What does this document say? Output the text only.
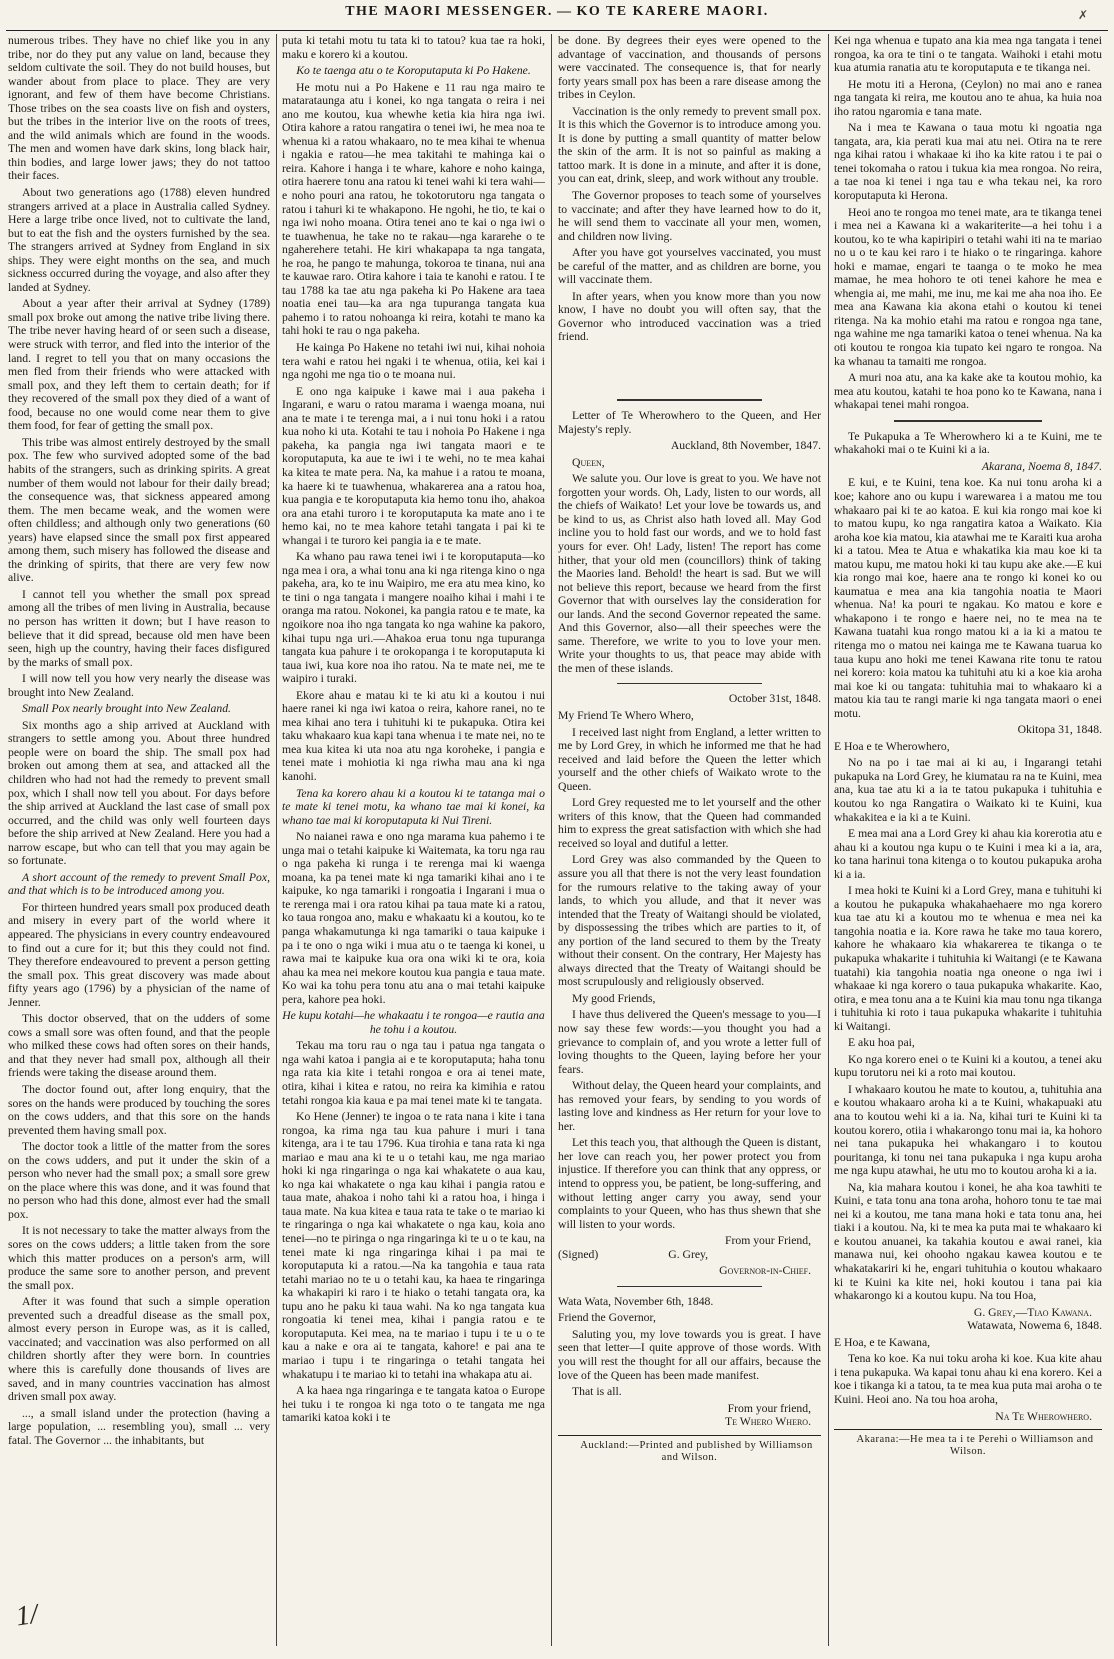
THE MAORI MESSENGER. — KO TE KARERE MAORI.	✗

numerous tribes. They have no chief like you in any tribe, nor do they put any value on land, because they seldom cultivate the soil. They do not build houses, but wander about from place to place. They are very ignorant, and few of them have become Christians. Those tribes on the sea coasts live on fish and oysters, but the tribes in the interior live on the roots of trees, and the wild animals which are found in the woods. The men and women have dark skins, long black hair, thin bodies, and large lower jaws; they do not tattoo their faces.

About two generations ago (1788) eleven hundred strangers arrived at a place in Australia called Sydney. Here a large tribe once lived, not to cultivate the land, but to eat the fish and the oysters furnished by the sea. The strangers arrived at Sydney from England in six ships. They were eight months on the sea, and much sickness occurred during the voyage, and also after they landed at Sydney.

About a year after their arrival at Sydney (1789) small pox broke out among the native tribe living there. The tribe never having heard of or seen such a disease, were struck with terror, and fled into the interior of the land. I regret to tell you that on many occasions the men fled from their friends who were attacked with small pox, and they left them to certain death; for if they recovered of the small pox they died of a want of food, because no one would come near them to give them food, for fear of getting the small pox.

This tribe was almost entirely destroyed by the small pox. The few who survived adopted some of the bad habits of the strangers, such as drinking spirits. A great number of them would not labour for their daily bread; the consequence was, that sickness appeared among them. The men became weak, and the women were often childless; and although only two generations (60 years) have elapsed since the small pox first appeared among them, such misery has followed the disease and the drinking of spirits, that there are very few now alive.

I cannot tell you whether the small pox spread among all the tribes of men living in Australia, because no person has written it down; but I have reason to believe that it did spread, because old men have been seen, high up the country, having their faces disfigured by the marks of small pox.

I will now tell you how very nearly the disease was brought into New Zealand.

Small Pox nearly brought into New Zealand.

Six months ago a ship arrived at Auckland with strangers to settle among you. About three hundred people were on board the ship. The small pox had broken out among them at sea, and attacked all the children who had not had the remedy to prevent small pox, which I shall now tell you about. For days before the ship arrived at Auckland the last case of small pox occurred, and the child was only well fourteen days before the ship arrived at New Zealand. Here you had a narrow escape, but who can tell that you may again be so fortunate.

A short account of the remedy to prevent Small Pox, and that which is to be introduced among you.

For thirteen hundred years small pox produced death and misery in every part of the world where it appeared. The physicians in every country endeavoured to find out a cure for it; but this they could not find. They therefore endeavoured to prevent a person getting the small pox. This great discovery was made about fifty years ago (1796) by a physician of the name of Jenner.

This doctor observed, that on the udders of some cows a small sore was often found, and that the people who milked these cows had often sores on their hands, and that they never had small pox, although all their friends were taking the disease around them.

The doctor found out, after long enquiry, that the sores on the hands were produced by touching the sores on the cows udders, and that this sore on the hands prevented them having small pox.

The doctor took a little of the matter from the sores on the cows udders, and put it under the skin of a person who never had the small pox; a small sore grew on the place where this was done, and it was found that no person who had this done, almost ever had the small pox.

It is not necessary to take the matter always from the sores on the cows udders; a little taken from the sore which this matter produces on a person's arm, will produce the same sore to another person, and prevent the small pox.

After it was found that such a simple operation prevented such a dreadful disease as the small pox, almost every person in Europe was, as it is called, vaccinated; and vaccination was also performed on all children shortly after they were born. In countries where this is carefully done thousands of lives are saved, and in many countries vaccination has almost driven small pox away.

..., a small island under the protection (having a large population, ... resembling you), small ... very fatal. The Governor ... the inhabitants, but

puta ki tetahi motu tu tata ki to tatou? kua tae ra hoki, maku e korero ki a koutou.

Ko te taenga atu o te Koroputaputa ki Po Hakene.

He motu nui a Po Hakene e 11 rau nga mairo te matarataunga atu i konei, ko nga tangata o reira i nei ano me koutou, kua whewhe ketia kia hira nga iwi. Otira kahore a ratou rangatira o tenei iwi, he mea noa te whenua ki a ratou whakaaro, no te mea kihai te whenua i ngakia e ratou—he mea takitahi te mahinga kai o reira. Kahore i hanga i te whare, kahore e noho kainga, otira haerere tonu ana ratou ki tenei wahi ki tera wahi—e noho pouri ana ratou, he tokotorutoru nga tangata o ratou i tahuri ki te whakapono. He ngohi, he tio, te kai o nga iwi noho moana. Otira tenei ano te kai o nga iwi o te tuawhenua, he take no te rakau—nga kararehe o te ngaherehere tetahi. He kiri whakapapa ta nga tangata, he roa, he pango te mahunga, tokoroa te tinana, nui ana te kauwae raro. Otira kahore i taia te kanohi e ratou. I te tau 1788 ka tae atu nga pakeha ki Po Hakene ara taea noatia enei tau—ka ara nga tupuranga tangata kua pahemo i to ratou nohoanga ki reira, kotahi te mano ka tahi hoki te rau o nga pakeha.

He kainga Po Hakene no tetahi iwi nui, kihai nohoia tera wahi e ratou hei ngaki i te whenua, otiia, kei kai i nga ngohi me nga tio o te moana nui.

E ono nga kaipuke i kawe mai i aua pakeha i Ingarani, e waru o ratou marama i waenga moana, nui ana te mate i te terenga mai, a i nui tonu hoki i a ratou kua noho ki uta. Kotahi te tau i nohoia Po Hakene i nga pakeha, ka pangia nga iwi tangata maori e te koroputaputa, ka aue te iwi i te wehi, no te mea kahai ka kitea te mate pera. Na, ka mahue i a ratou te moana, ka haere ki te tuawhenua, whakarerea ana a ratou hoa, kua pangia e te koroputaputa kia hemo tonu iho, ahakoa ora ana etahi turoro i te koroputaputa ka mate ano i te hemo kai, no te mea kahore tetahi tangata i pai ki te whangai i te turoro kei pangia ia e te mate.

Ka whano pau rawa tenei iwi i te koroputaputa—ko nga mea i ora, a whai tonu ana ki nga ritenga kino o nga pakeha, ara, ko te inu Waipiro, me era atu mea kino, ko te tini o nga tangata i mangere noaiho kihai i mahi i te oranga ma ratou. Nokonei, ka pangia ratou e te mate, ka ngoikore noa iho nga tangata ko nga wahine ka pakoro, kihai tupu nga uri.—Ahakoa erua tonu nga tupuranga tangata kua pahure i te orokopanga i te koroputaputa ki taua iwi, kua kore noa iho ratou. Na te mate nei, me te waipiro i turaki.

Ekore ahau e matau ki te ki atu ki a koutou i nui haere ranei ki nga iwi katoa o reira, kahore ranei, no te mea kihai ano tera i tuhituhi ki te pukapuka. Otira kei taku whakaaro kua kapi tana whenua i te mate nei, no te mea kua kitea ki uta noa atu nga koroheke, i pangia e tenei mate i mohiotia ki nga riwha mau ana ki nga kanohi.

Tena ka korero ahau ki a koutou ki te tatanga mai o te mate ki tenei motu, ka whano tae mai ki konei, ka whano tae mai ki koroputaputa ki Nui Tireni.

No naianei rawa e ono nga marama kua pahemo i te unga mai o tetahi kaipuke ki Waitemata, ka toru nga rau o nga pakeha ki runga i te rerenga mai ki waenga moana, ka pa tenei mate ki nga tamariki kihai ano i te kaipuke, ko nga tamariki i rongoatia i Ingarani i mua o te rerenga mai i ora ratou kihai pa taua mate ki a ratou, ko taua rongoa ano, maku e whakaatu ki a koutou, ko te panga whakamutunga ki nga tamariki o taua kaipuke i pa i te ono o nga wiki i mua atu o te taenga ki konei, u rawa mai te kaipuke kua ora ona wiki ki te ora, koia ahau ka mea nei mekore koutou kua pangia e taua mate. Ko wai ka tohu pera tonu atu ana o mai tetahi kaipuke pera, kahore pea hoki.

He kupu kotahi—he whakaatu i te rongoa—e rautia ana he tohu i a koutou.

Tekau ma toru rau o nga tau i patua nga tangata o nga wahi katoa i pangia ai e te koroputaputa; haha tonu nga rata kia kite i tetahi rongoa e ora ai tenei mate, otira, kihai i kitea e ratou, no reira ka kimihia e ratou tetahi rongoa kia kaua e pa mai tenei mate ki te tangata.

Ko Hene (Jenner) te ingoa o te rata nana i kite i tana rongoa, ka rima nga tau kua pahure i muri i tana kitenga, ara i te tau 1796. Kua tirohia e tana rata ki nga mariao e mau ana ki te u o tetahi kau, me nga mariao hoki ki nga ringaringa o nga kai whakatete o aua kau, ko nga kai whakatete o nga kau kihai i pangia ratou e taua mate, ahakoa i noho tahi ki a ratou hoa, i hinga i taua mate. Na kua kitea e taua rata te take o te mariao ki te ringaringa o nga kai whakatete o nga kau, koia ano tenei—no te piringa o nga ringaringa ki te u o te kau, na tenei mate ki nga ringaringa kihai i pa mai te koroputaputa ki a ratou.—Na ka tangohia e taua rata tetahi mariao no te u o tetahi kau, ka haea te ringaringa ka whakapiri ki raro i te hiako o tetahi tangata ora, ka tupu ano he paku ki taua wahi. Na ko nga tangata kua rongoatia ki tenei mea, kihai i pangia ratou e te koroputaputa. Kei mea, na te mariao i tupu i te u o te kau a nake e ora ai te tangata, kahore! e pai ana te mariao i tupu i te ringaringa o tetahi tangata hei whakatupu i te mariao ki to tetahi ina whakapa atu ai.

A ka haea nga ringaringa e te tangata katoa o Europe hei tuku i te rongoa ki nga toto o te tangata me nga tamariki katoa koki i te

be done. By degrees their eyes were opened to the advantage of vaccination, and thousands of persons were vaccinated. The consequence is, that for nearly forty years small pox has been a rare disease among the tribes in Ceylon.

Vaccination is the only remedy to prevent small pox. It is this which the Governor is to introduce among you. It is done by putting a small quantity of matter below the skin of the arm. It is not so painful as making a tattoo mark. It is done in a minute, and after it is done, you can eat, drink, sleep, and work without any trouble.

The Governor proposes to teach some of yourselves to vaccinate; and after they have learned how to do it, he will send them to vaccinate all your men, women, and children now living.

After you have got yourselves vaccinated, you must be careful of the matter, and as children are borne, you will vaccinate them.

In after years, when you know more than you now know, I have no doubt you will often say, that the Governor who introduced vaccination was a tried friend.

Letter of Te Wherowhero to the Queen, and Her Majesty's reply.

Auckland, 8th November, 1847.

Queen,

We salute you. Our love is great to you. We have not forgotten your words. Oh, Lady, listen to our words, all the chiefs of Waikato! Let your love be towards us, and be kind to us, as Christ also hath loved all. May God incline you to hold fast our words, and we to hold fast yours for ever. Oh! Lady, listen! The report has come hither, that your old men (councillors) think of taking the Maories land. Behold! the heart is sad. But we will not believe this report, because we heard from the first Governor that with ourselves lay the consideration for our lands. And the second Governor repeated the same. And this Governor, also—all their speeches were the same. Therefore, we write to you to love your men. Write your thoughts to us, that peace may abide with the men of these islands.

October 31st, 1848.

My Friend Te Whero Whero,

I received last night from England, a letter written to me by Lord Grey, in which he informed me that he had received and laid before the Queen the letter which yourself and the other chiefs of Waikato wrote to the Queen.

Lord Grey requested me to let yourself and the other writers of this know, that the Queen had commanded him to express the great satisfaction with which she had received so loyal and dutiful a letter.

Lord Grey was also commanded by the Queen to assure you all that there is not the very least foundation for the rumours relative to the taking away of your lands, to which you allude, and that it never was intended that the Treaty of Waitangi should be violated, by dispossessing the tribes which are parties to it, of any portion of the land secured to them by the Treaty without their consent. On the contrary, Her Majesty has always directed that the Treaty of Waitangi should be most scrupulously and religiously observed.

My good Friends,

I have thus delivered the Queen's message to you—I now say these few words:—you thought you had a grievance to complain of, and you wrote a letter full of loving thoughts to the Queen, laying before her your fears.

Without delay, the Queen heard your complaints, and has removed your fears, by sending to you words of lasting love and kindness as Her return for your love to her.

Let this teach you, that although the Queen is distant, her love can reach you, her power protect you from injustice. If therefore you can think that any oppress, or intend to oppress you, be patient, be long-suffering, and without letting anger carry you away, send your complaints to your Queen, who has thus shewn that she will listen to your words.

From your Friend,

(Signed)	G. Grey,

Governor-in-Chief.

Wata Wata, November 6th, 1848.

Friend the Governor,

Saluting you, my love towards you is great. I have seen that letter—I quite approve of those words. With you will rest the thought for all our affairs, because the love of the Queen has been made manifest.

That is all.

From your friend,

Te Whero Whero.

Auckland:—Printed and published by Williamson and Wilson.

Kei nga whenua e tupato ana kia mea nga tangata i tenei rongoa, ka ora te tini o te tangata. Waihoki i etahi motu kua atumia ranatia atu te koroputaputa e te tikanga nei.

He motu iti a Herona, (Ceylon) no mai ano e ranea nga tangata ki reira, me koutou ano te ahua, ka huia noa iho ratou ngaromia e tana mate.

Na i mea te Kawana o taua motu ki ngoatia nga tangata, ara, kia perati kua mai atu nei. Otira na te rere nga kihai ratou i whakaae ki iho ka kite ratou i te pai o tenei tokomaha o ratou i tukua kia mea rongoa. No reira, a tae noa ki tenei i nga tau e wha tekau nei, ka roro koroputaputa ki Herona.

Heoi ano te rongoa mo tenei mate, ara te tikanga tenei i mea nei a Kawana ki a wakariterite—a hei tohu i a koutou, ko te wha kapiripiri o tetahi wahi iti na te mariao no u o te kau kei raro i te hiako o te ringaringa. kahore hoki e mamae, engari te taanga o te moko he mea mamae, he mea hohoro te oti tenei kahore he mea e whengia ai, me mahi, me inu, me kai me aha noa iho. Ee mea ana Kawana kia akona etahi o koutou ki tenei ritenga. Na ka mohio etahi ma ratou e rongoa nga tane, nga wahine me nga tamariki katoa o tenei whenua. Na ka oti koutou te rongoa kia tupato kei ngaro te rongoa. Na ka whanau ta tamaiti me rongoa.

A muri noa atu, ana ka kake ake ta koutou mohio, ka mea atu koutou, katahi te hoa pono ko te Kawana, nana i whakapai tenei mahi rongoa.

Te Pukapuka a Te Wherowhero ki a te Kuini, me te whakahoki mai o te Kuini ki a ia.

Akarana, Noema 8, 1847.

E kui, e te Kuini, tena koe. Ka nui tonu aroha ki a koe; kahore ano ou kupu i warewarea i a matou me tou whakaaro pai ki te ao katoa. E kui kia rongo mai koe ki to matou kupu, ko nga rangatira katoa a Waikato. Kia aroha koe kia matou, kia atawhai me te Karaiti kua aroha ki a tatou. Mea te Atua e whakatika kia mau koe ki ta matou kupu, me matou hoki ki tau kupu ake ake.—E kui kia rongo mai koe, haere ana te rongo ki konei ko ou kaumatua e mea ana kia tangohia noatia te Maori whenua. Na! ka pouri te ngakau. Ko matou e kore e whakapono i te rongo e haere nei, no te mea na te Kawana tuatahi kua rongo matou ki a ia ki a matou te ritenga mo o matou nei kainga me te Kawana tuarua ko taua kupu ano hoki me tenei Kawana rite tonu te ratou nei korero: koia matou ka tuhituhi atu ki a koe kia aroha mai koe ki ou tangata: tuhituhia mai to whakaaro ki a matou kia tau te rangi marie ki nga tangata maori o enei motu.

Okitopa 31, 1848.

E Hoa e te Wherowhero,

No na po i tae mai ai ki au, i Ingarangi tetahi pukapuka na Lord Grey, he kiumatau ra na te Kuini, mea ana, kua tae atu ki a ia te tatou pukapuka i tuhituhia e koutou ko nga Rangatira o Waikato ki te Kuini, kua whakakitea e ia ki a te Kuini.

E mea mai ana a Lord Grey ki ahau kia korerotia atu e ahau ki a koutou nga kupu o te Kuini i mea ki a ia, ara, ko tana harinui tona kitenga o to koutou pukapuka aroha ki a ia.

I mea hoki te Kuini ki a Lord Grey, mana e tuhituhi ki a koutou he pukapuka whakahaehaere mo nga korero kua tae atu ki a koutou mo te whenua e mea nei ka tangohia noatia e ia. Kore rawa he take mo taua korero, kahore he whakaaro kia whakarerea te tikanga o te pukapuka whakarite i tuhituhia ki Waitangi (e te Kawana tuatahi) kia tangohia noatia nga oneone o nga iwi i whakaae ki nga korero o taua pukapuka whakarite. Kao, otira, e mea tonu ana a te Kuini kia mau tonu nga tikanga i tuhituhia ki roto i taua pukapuka whakarite i tuhituhia ki Waitangi.

E aku hoa pai,

Ko nga korero enei o te Kuini ki a koutou, a tenei aku kupu torutoru nei ki a roto mai koutou.

I whakaaro koutou he mate to koutou, a, tuhituhia ana e koutou whakaaro aroha ki a te Kuini, whakapuaki atu ana to koutou wehi ki a ia. Na, kihai turi te Kuini ki ta koutou korero, otiia i whakarongo tonu mai ia, ka hohoro nei tana pukapuka hei whakangaro i to koutou pouritanga, ki tonu nei tana pukapuka i nga kupu aroha me nga kupu atawhai, he utu mo to koutou aroha ki a ia.

Na, kia mahara koutou i konei, he aha koa tawhiti te Kuini, e tata tonu ana tona aroha, hohoro tonu te tae mai nei ki a koutou, me tana mana hoki e tata tonu ana, hei tiaki i a koutou. Na, ki te mea ka puta mai te whakaaro ki e koutou anuanei, ka takahia koutou e awai ranei, kia manawa nui, kei ohooho ngakau kawea koutou e te whakatakariri ki he, engari tuhituhia o koutou whakaaro ki te Kuini ka kite nei, hoki koutou i tana pai kia whakarongo ki a koutou kupu. Na tou Hoa,

G. Grey,—Tiao Kawana.

Watawata, Nowema 6, 1848.

E Hoa, e te Kawana,

Tena ko koe. Ka nui toku aroha ki koe. Kua kite ahau i tena pukapuka. Wa kapai tonu ahau ki ena korero. Kei a koe i tikanga ki a tatou, ta te mea kua puta mai aroha o te Kuini. Heoi ano. Na tou hoa aroha,

Na Te Wherowhero.

Akarana:—He mea ta i te Perehi o Williamson and Wilson.

1/
